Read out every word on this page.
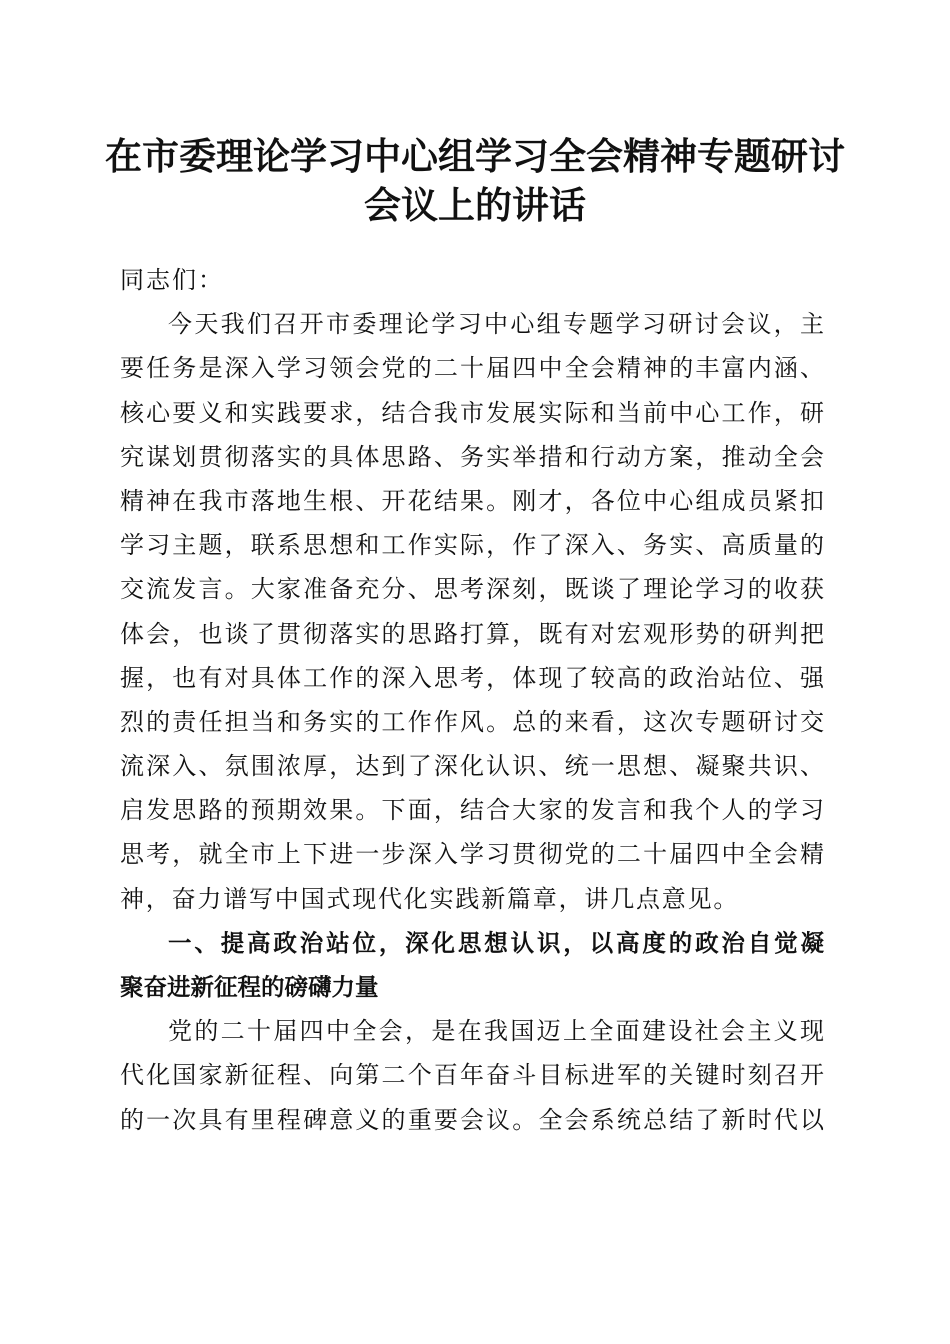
在市委理论学习中心组学习全会精神专题研讨
会议上的讲话
同志们：
今天我们召开市委理论学习中心组专题学习研讨会议，主
要任务是深入学习领会党的二十届四中全会精神的丰富内涵、
核心要义和实践要求，结合我市发展实际和当前中心工作，研
究谋划贯彻落实的具体思路、务实举措和行动方案，推动全会
精神在我市落地生根、开花结果。刚才，各位中心组成员紧扣
学习主题，联系思想和工作实际，作了深入、务实、高质量的
交流发言。大家准备充分、思考深刻，既谈了理论学习的收获
体会，也谈了贯彻落实的思路打算，既有对宏观形势的研判把
握，也有对具体工作的深入思考，体现了较高的政治站位、强
烈的责任担当和务实的工作作风。总的来看，这次专题研讨交
流深入、氛围浓厚，达到了深化认识、统一思想、凝聚共识、
启发思路的预期效果。下面，结合大家的发言和我个人的学习
思考，就全市上下进一步深入学习贯彻党的二十届四中全会精
神，奋力谱写中国式现代化实践新篇章，讲几点意见。
一、提高政治站位，深化思想认识，以高度的政治自觉凝
聚奋进新征程的磅礴力量
党的二十届四中全会，是在我国迈上全面建设社会主义现
代化国家新征程、向第二个百年奋斗目标进军的关键时刻召开
的一次具有里程碑意义的重要会议。全会系统总结了新时代以
